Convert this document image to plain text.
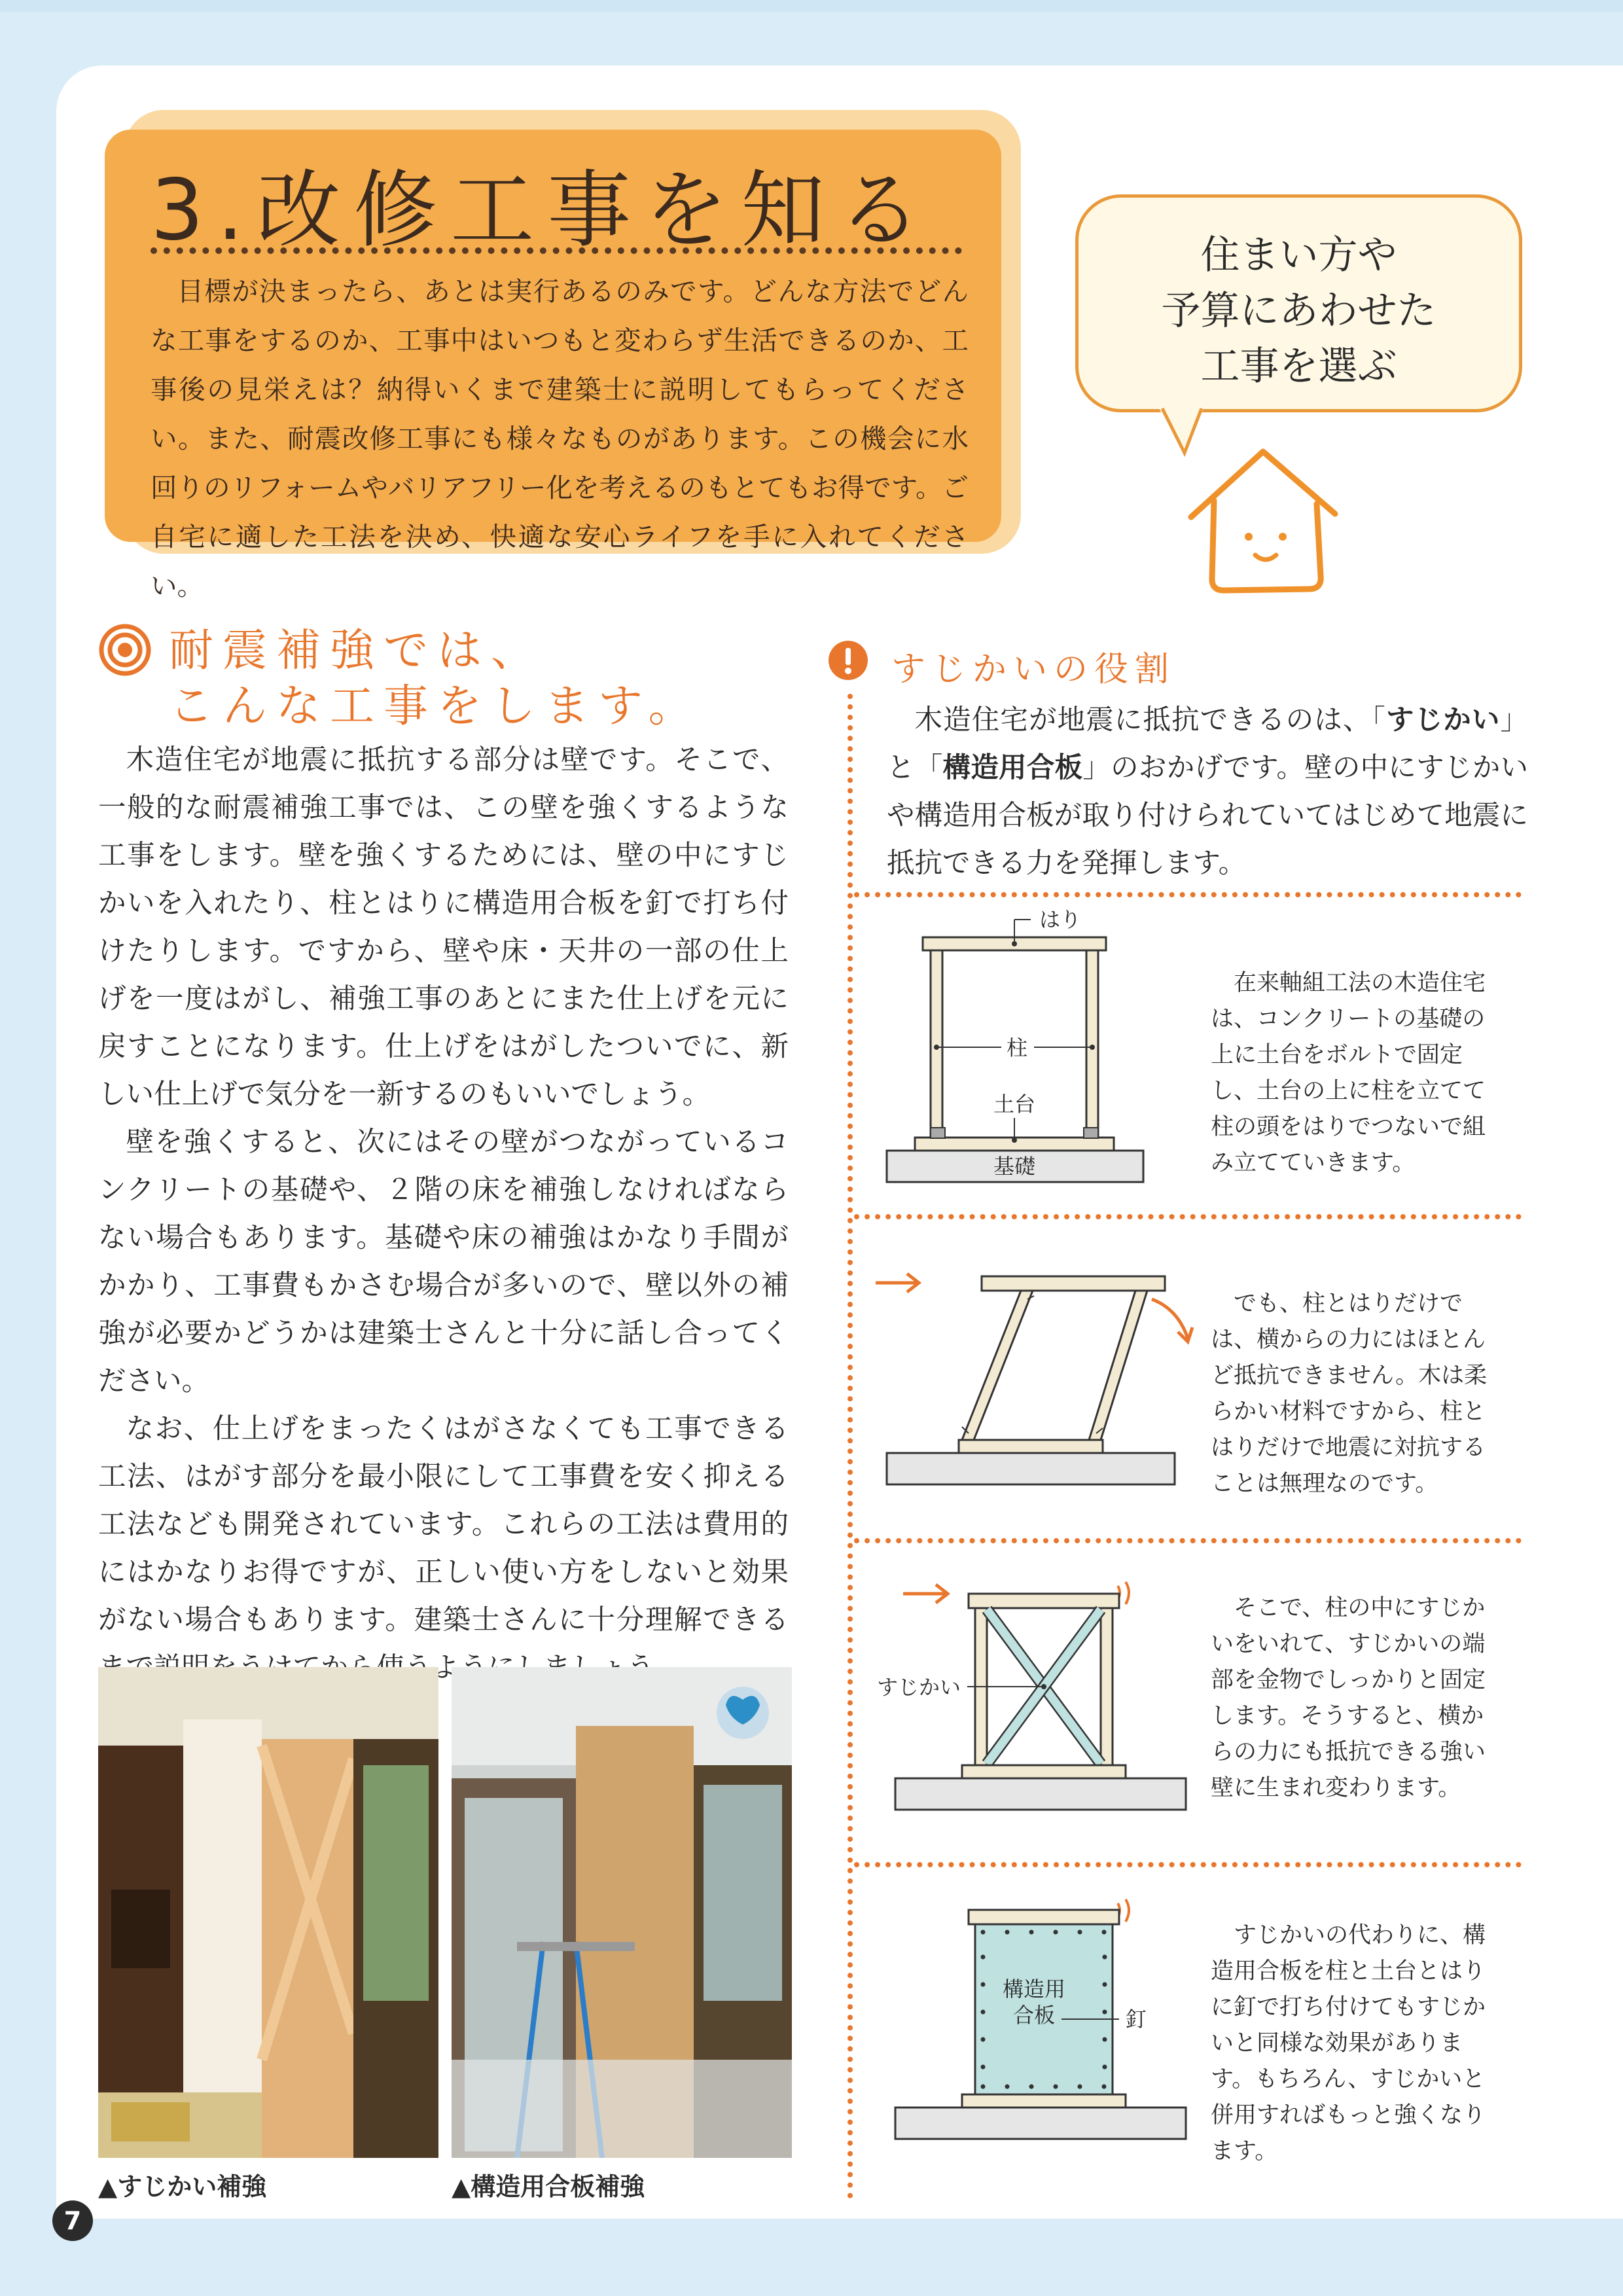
3.改修工事を知る

目標が決まったら、あとは実行あるのみです。どんな方法でどんな工事をするのか、工事中はいつもと変わらず生活できるのか、工事後の見栄えは？納得いくまで建築士に説明してもらってください。また、耐震改修工事にも様々なものがあります。この機会に水回りのリフォームやバリアフリー化を考えるのもとてもお得です。ご自宅に適した工法を決め、快適な安心ライフを手に入れてください。

住まい方や
予算にあわせた
工事を選ぶ
耐震補強では、
こんな工事をします。

木造住宅が地震に抵抗する部分は壁です。そこで、一般的な耐震補強工事では、この壁を強くするような工事をします。壁を強くするためには、壁の中にすじかいを入れたり、柱とはりに構造用合板を釘で打ち付けたりします。ですから、壁や床・天井の一部の仕上げを一度はがし、補強工事のあとにまた仕上げを元に戻すことになります。仕上げをはがしたついでに、新しい仕上げで気分を一新するのもいいでしょう。

壁を強くすると、次にはその壁がつながっているコンクリートの基礎や、２階の床を補強しなければならない場合もあります。基礎や床の補強はかなり手間がかかり、工事費もかさむ場合が多いので、壁以外の補強が必要かどうかは建築士さんと十分に話し合ってください。

なお、仕上げをまったくはがさなくても工事できる工法、はがす部分を最小限にして工事費を安く抑える工法なども開発されています。これらの工法は費用的にはかなりお得ですが、正しい使い方をしないと効果がない場合もあります。建築士さんに十分理解できる よ

▲すじかい補強	▲構造用合板補強
7
すじかいの役割

木造住宅が地震に抵抗できるのは、「すじかい」と「構造用合板」のおかげです。壁の中にすじかいや構造用合板が取り付けられていてはじめて地震に抵抗できる力を発揮します。

はり
柱
土台
基礎

在来軸組工法の木造住宅は、コンクリートの基礎の上に土台をボルトで固定し、土台の上に柱を立てて柱の頭をはりでつないで組み立てていきます。

でも、柱とはりだけでは、横からの力にはほとんど抵抗できません。木は柔らかい材料ですから、柱とはりだけで地震に対抗することは無理なのです。

すじかい

そこで、柱の中にすじかいをいれて、すじかいの端部を金物でしっかりと固定します。そうすると、横からの力にも抵抗できる強い壁に生まれ変わります。

構造用
合板	釘

すじかいの代わりに、構造用合板を柱と土台とはりに釘で打ち付けてもすじかいと同様な効果があります。もちろん、すじかいと併用すればもっと強くなります。
